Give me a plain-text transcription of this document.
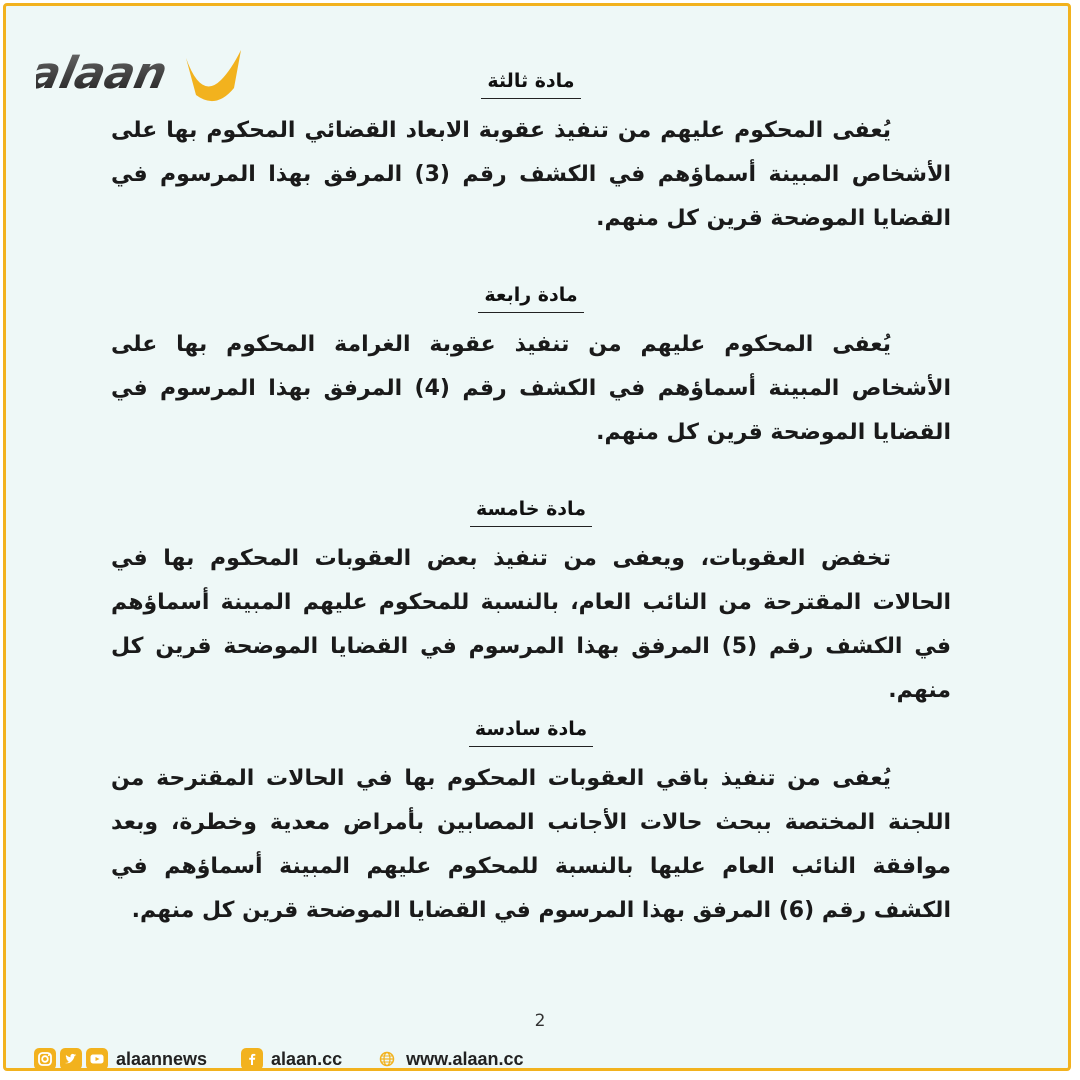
alaan	مادة ثالثة

يُعفى المحكوم عليهم من تنفيذ عقوبة الابعاد القضائي المحكوم بها على الأشخاص المبينة أسماؤهم في الكشف رقم (3) المرفق بهذا المرسوم في القضايا الموضحة قرين كل منهم.

مادة رابعة

يُعفى المحكوم عليهم من تنفيذ عقوبة الغرامة المحكوم بها على الأشخاص المبينة أسماؤهم في الكشف رقم (4) المرفق بهذا المرسوم في القضايا الموضحة قرين كل منهم.

مادة خامسة

تخفض العقوبات، ويعفى من تنفيذ بعض العقوبات المحكوم بها في الحالات المقترحة من النائب العام، بالنسبة للمحكوم عليهم المبينة أسماؤهم في الكشف رقم (5) المرفق بهذا المرسوم في القضايا الموضحة قرين كل منهم.

مادة سادسة

يُعفى من تنفيذ باقي العقوبات المحكوم بها في الحالات المقترحة من اللجنة المختصة ببحث حالات الأجانب المصابين بأمراض معدية وخطرة، وبعد موافقة النائب العام عليها بالنسبة للمحكوم عليهم المبينة أسماؤهم في الكشف رقم (6) المرفق بهذا المرسوم في القضايا الموضحة قرين كل منهم.

2
alaannews	alaan.cc	www.alaan.cc
